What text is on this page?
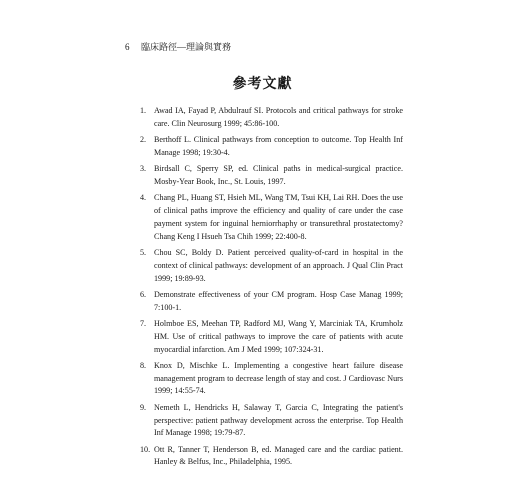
6 臨床路徑—理論與實務
參考文獻
1. Awad IA, Fayad P, Abdulrauf SI. Protocols and critical pathways for stroke care. Clin Neurosurg 1999; 45:86-100.
2. Berthoff L. Clinical pathways from conception to outcome. Top Health Inf Manage 1998; 19:30-4.
3. Birdsall C, Sperry SP, ed. Clinical paths in medical-surgical practice. Mosby-Year Book, Inc., St. Louis, 1997.
4. Chang PL, Huang ST, Hsieh ML, Wang TM, Tsui KH, Lai RH. Does the use of clinical paths improve the efficiency and quality of care under the case payment system for inguinal herniorrhaphy or transurethral prostatectomy? Chang Keng I Hsueh Tsa Chih 1999; 22:400-8.
5. Chou SC, Boldy D. Patient perceived quality-of-card in hospital in the context of clinical pathways: development of an approach. J Qual Clin Pract 1999; 19:89-93.
6. Demonstrate effectiveness of your CM program. Hosp Case Manag 1999; 7:100-1.
7. Holmboe ES, Meehan TP, Radford MJ, Wang Y, Marciniak TA, Krumholz HM. Use of critical pathways to improve the care of patients with acute myocardial infarction. Am J Med 1999; 107:324-31.
8. Knox D, Mischke L. Implementing a congestive heart failure disease management program to decrease length of stay and cost. J Cardiovasc Nurs 1999; 14:55-74.
9. Nemeth L, Hendricks H, Salaway T, Garcia C, Integrating the patient's perspective: patient pathway development across the enterprise. Top Health Inf Manage 1998; 19:79-87.
10. Ott R, Tanner T, Henderson B, ed. Managed care and the cardiac patient. Hanley & Belfus, Inc., Philadelphia, 1995.
